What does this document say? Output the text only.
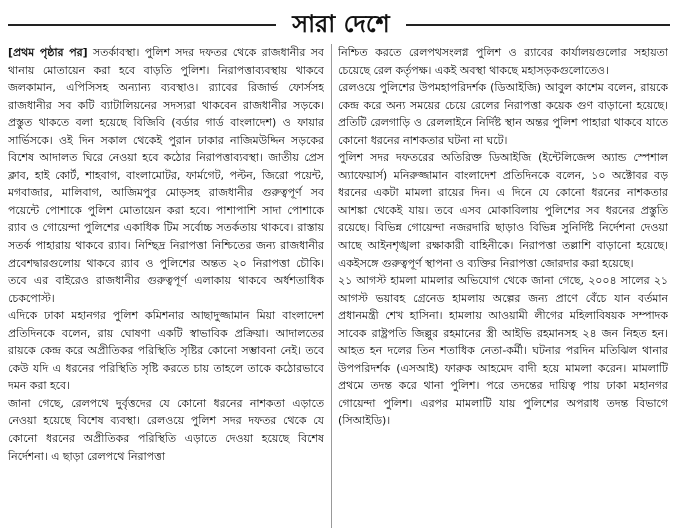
সারা দেশে

[প্রথম পৃষ্ঠার পর] সতর্কাবস্থা। পুলিশ সদর দফতর থেকে রাজধানীর সব থানায় মোতায়েন করা হবে বাড়তি পুলিশ। নিরাপত্তাব্যবস্থায় থাকবে জলকামান, এপিসিসহ অন্যান্য ব্যবস্থাও। র‍্যাবের রিজার্ভ ফোর্সসহ রাজধানীর সব কটি ব্যাটালিয়নের সদস্যরা থাকবেন রাজধানীর সড়কে। প্রস্তুত থাকতে বলা হয়েছে বিজিবি (বর্ডার গার্ড বাংলাদেশ) ও ফায়ার সার্ভিসকে। ওই দিন সকাল থেকেই পুরান ঢাকার নাজিমউদ্দিন সড়কের বিশেষ আদালত ঘিরে নেওয়া হবে কঠোর নিরাপত্তাব্যবস্থা। জাতীয় প্রেস ক্লাব, হাই কোর্ট, শাহবাগ, বাংলামোটর, ফার্মগেট, পল্টন, জিরো পয়েন্ট, মগবাজার, মালিবাগ, আজিমপুর মোড়সহ রাজধানীর গুরুত্বপূর্ণ সব পয়েন্টে পোশাকে পুলিশ মোতায়েন করা হবে। পাশাপাশি সাদা পোশাকে র‍্যাব ও গোয়েন্দা পুলিশের একাধিক টিম সর্বোচ্চ সতর্কতায় থাকবে। রাস্তায় সতর্ক পাহারায় থাকবে র‍্যাব। নিশ্ছিদ্র নিরাপত্তা নিশ্চিতের জন্য রাজধানীর প্রবেশদ্বারগুলোয় থাকবে র‍্যাব ও পুলিশের অন্তত ২০ নিরাপত্তা চৌকি। তবে এর বাইরেও রাজধানীর গুরুত্বপূর্ণ এলাকায় থাকবে অর্ধশতাধিক চেকপোস্ট।

এদিকে ঢাকা মহানগর পুলিশ কমিশনার আছাদুজ্জামান মিয়া বাংলাদেশ প্রতিদিনকে বলেন, রায় ঘোষণা একটি স্বাভাবিক প্রক্রিয়া। আদালতের রায়কে কেন্দ্র করে অপ্রীতিকর পরিস্থিতি সৃষ্টির কোনো সম্ভাবনা নেই। তবে কেউ যদি এ ধরনের পরিস্থিতি সৃষ্টি করতে চায় তাহলে তাকে কঠোরভাবে দমন করা হবে।

জানা গেছে, রেলপথে দুর্বৃত্তদের যে কোনো ধরনের নাশকতা এড়াতে নেওয়া হয়েছে বিশেষ ব্যবস্থা। রেলওয়ে পুলিশ সদর দফতর থেকে যে কোনো ধরনের অপ্রীতিকর পরিস্থিতি এড়াতে দেওয়া হয়েছে বিশেষ নির্দেশনা। এ ছাড়া রেলপথে নিরাপত্তা

নিশ্চিত করতে রেলপথসংলগ্ন পুলিশ ও র‍্যাবের কার্যালয়গুলোর সহায়তা চেয়েছে রেল কর্তৃপক্ষ। একই অবস্থা থাকছে মহাসড়কগুলোতেও।

রেলওয়ে পুলিশের উপমহাপরিদর্শক (ডিআইজি) আবুল কাশেম বলেন, রায়কে কেন্দ্র করে অন্য সময়ের চেয়ে রেলের নিরাপত্তা কয়েক গুণ বাড়ানো হয়েছে। প্রতিটি রেলগাড়ি ও রেললাইনে নির্দিষ্ট স্থান অন্তর পুলিশ পাহারা থাকবে যাতে কোনো ধরনের নাশকতার ঘটনা না ঘটে।

পুলিশ সদর দফতরের অতিরিক্ত ডিআইজি (ইন্টেলিজেন্স অ্যান্ড স্পেশাল অ্যাফেয়ার্স) মনিরুজ্জামান বাংলাদেশ প্রতিদিনকে বলেন, ১০ অক্টোবর বড় ধরনের একটা মামলা রায়ের দিন। এ দিনে যে কোনো ধরনের নাশকতার আশঙ্কা থেকেই যায়। তবে এসব মোকাবিলায় পুলিশের সব ধরনের প্রস্তুতি রয়েছে। বিভিন্ন গোয়েন্দা নজরদারি ছাড়াও বিভিন্ন সুনির্দিষ্ট নির্দেশনা দেওয়া আছে আইনশৃঙ্খলা রক্ষাকারী বাহিনীকে। নিরাপত্তা তল্লাশি বাড়ানো হয়েছে। একইসঙ্গে গুরুত্বপূর্ণ স্থাপনা ও ব্যক্তির নিরাপত্তা জোরদার করা হয়েছে।

২১ আগস্ট হামলা মামলার অভিযোগ থেকে জানা গেছে, ২০০৪ সালের ২১ আগস্ট ভয়াবহ গ্রেনেড হামলায় অল্পের জন্য প্রাণে বেঁচে যান বর্তমান প্রধানমন্ত্রী শেখ হাসিনা। হামলায় আওয়ামী লীগের মহিলাবিষয়ক সম্পাদক সাবেক রাষ্ট্রপতি জিল্লুর রহমানের স্ত্রী আইভি রহমানসহ ২৪ জন নিহত হন। আহত হন দলের তিন শতাধিক নেতা-কর্মী। ঘটনার পরদিন মতিঝিল থানার উপপরিদর্শক (এসআই) ফারুক আহমেদ বাদী হয়ে মামলা করেন। মামলাটি প্রথমে তদন্ত করে থানা পুলিশ। পরে তদন্তের দায়িত্ব পায় ঢাকা মহানগর গোয়েন্দা পুলিশ। এরপর মামলাটি যায় পুলিশের অপরাধ তদন্ত বিভাগে (সিআইডি)।
